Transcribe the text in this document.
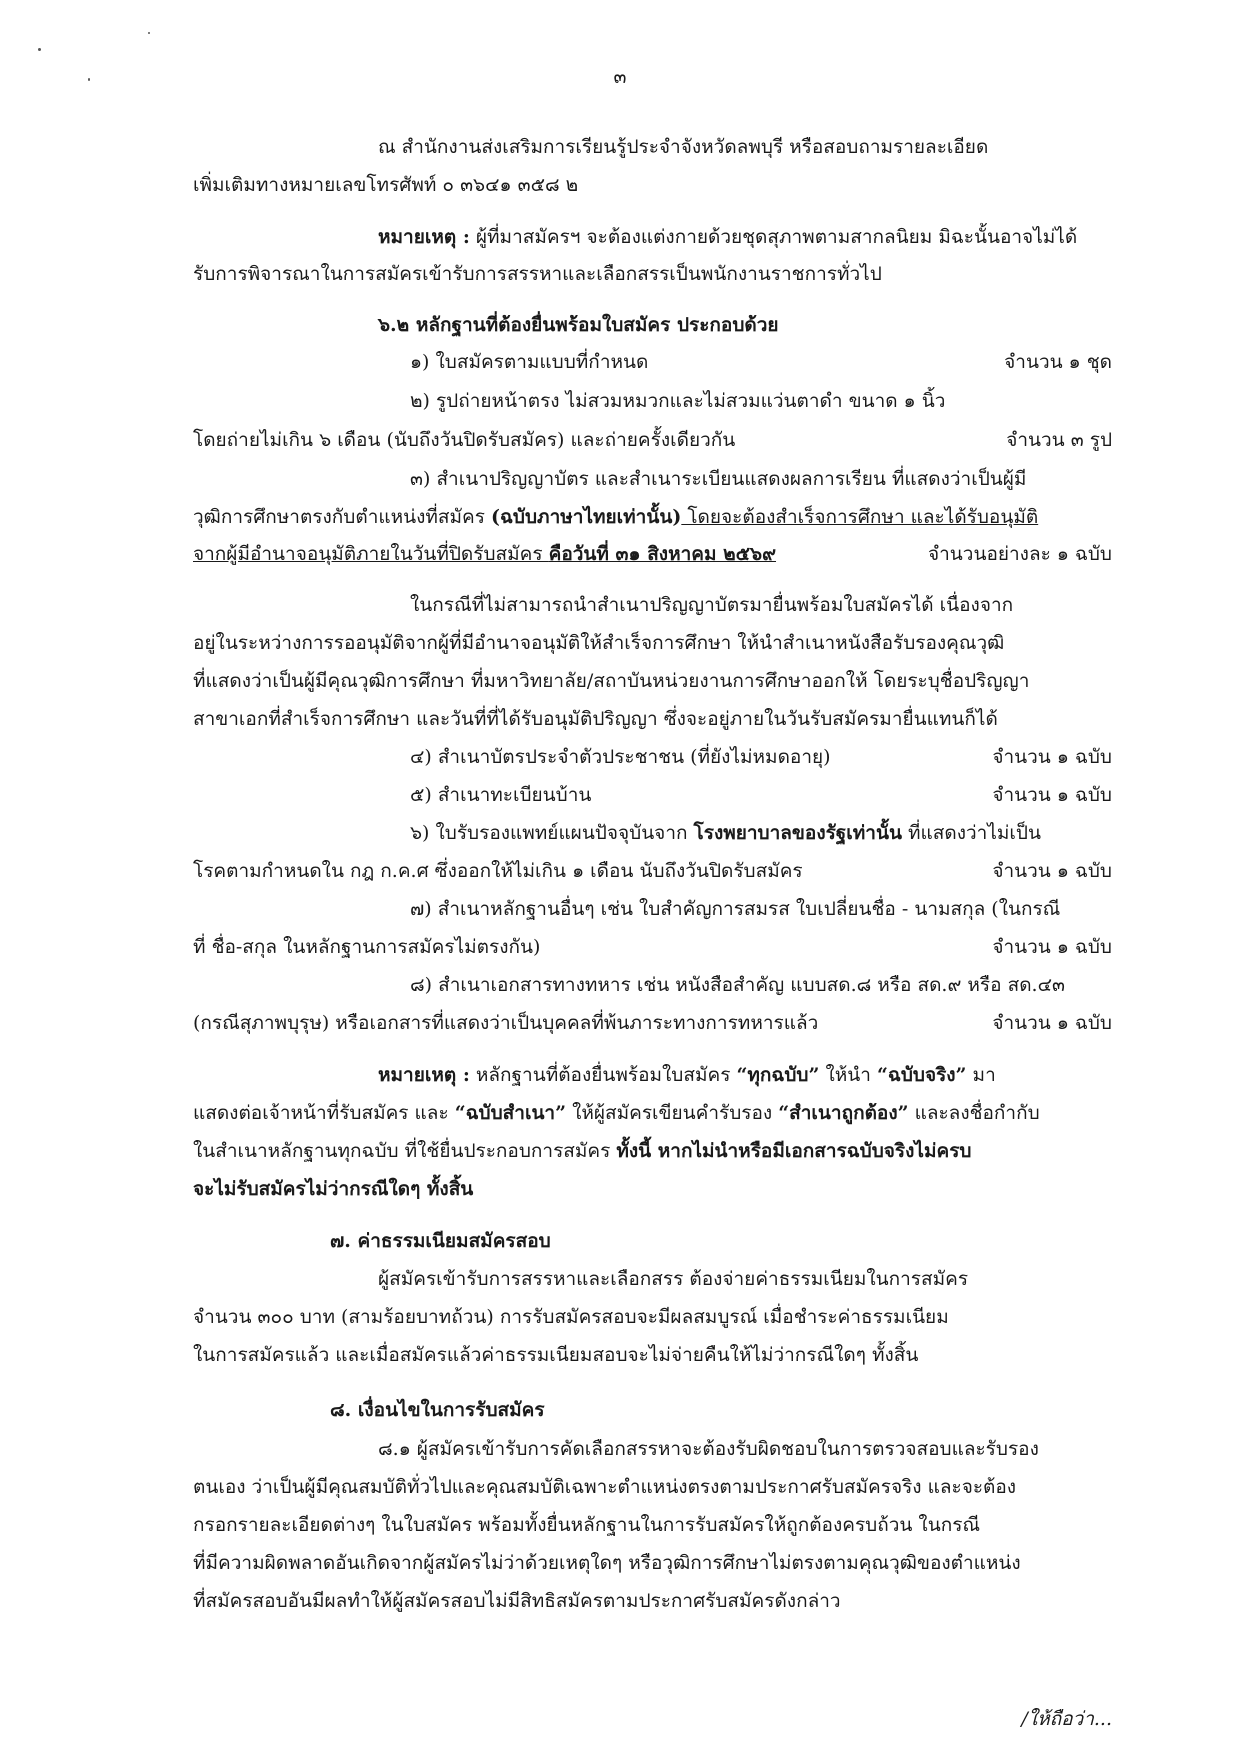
๓
ณ สำนักงานส่งเสริมการเรียนรู้ประจำจังหวัดลพบุรี หรือสอบถามรายละเอียด
เพิ่มเติมทางหมายเลขโทรศัพท์ ๐ ๓๖๔๑ ๓๕๘ ๒
หมายเหตุ : ผู้ที่มาสมัครฯ จะต้องแต่งกายด้วยชุดสุภาพตามสากลนิยม มิฉะนั้นอาจไม่ได้
รับการพิจารณาในการสมัครเข้ารับการสรรหาและเลือกสรรเป็นพนักงานราชการทั่วไป
๖.๒ หลักฐานที่ต้องยื่นพร้อมใบสมัคร ประกอบด้วย
๑) ใบสมัครตามแบบที่กำหนด	จำนวน ๑ ชุด
๒) รูปถ่ายหน้าตรง ไม่สวมหมวกและไม่สวมแว่นตาดำ ขนาด ๑ นิ้ว
โดยถ่ายไม่เกิน ๖ เดือน (นับถึงวันปิดรับสมัคร) และถ่ายครั้งเดียวกัน	จำนวน ๓ รูป
๓) สำเนาปริญญาบัตร และสำเนาระเบียนแสดงผลการเรียน ที่แสดงว่าเป็นผู้มี
วุฒิการศึกษาตรงกับตำแหน่งที่สมัคร (ฉบับภาษาไทยเท่านั้น) โดยจะต้องสำเร็จการศึกษา และได้รับอนุมัติ
จากผู้มีอำนาจอนุมัติภายในวันที่ปิดรับสมัคร คือวันที่ ๓๑ สิงหาคม ๒๕๖๙	จำนวนอย่างละ ๑ ฉบับ
ในกรณีที่ไม่สามารถนำสำเนาปริญญาบัตรมายื่นพร้อมใบสมัครได้ เนื่องจาก
อยู่ในระหว่างการรออนุมัติจากผู้ที่มีอำนาจอนุมัติให้สำเร็จการศึกษา ให้นำสำเนาหนังสือรับรองคุณวุฒิ
ที่แสดงว่าเป็นผู้มีคุณวุฒิการศึกษา ที่มหาวิทยาลัย/สถาบันหน่วยงานการศึกษาออกให้ โดยระบุชื่อปริญญา
สาขาเอกที่สำเร็จการศึกษา และวันที่ที่ได้รับอนุมัติปริญญา ซึ่งจะอยู่ภายในวันรับสมัครมายื่นแทนก็ได้
๔) สำเนาบัตรประจำตัวประชาชน (ที่ยังไม่หมดอายุ)	จำนวน ๑ ฉบับ
๕) สำเนาทะเบียนบ้าน	จำนวน ๑ ฉบับ
๖) ใบรับรองแพทย์แผนปัจจุบันจาก โรงพยาบาลของรัฐเท่านั้น ที่แสดงว่าไม่เป็น
โรคตามกำหนดใน กฎ ก.ค.ศ ซึ่งออกให้ไม่เกิน ๑ เดือน นับถึงวันปิดรับสมัคร	จำนวน ๑ ฉบับ
๗) สำเนาหลักฐานอื่นๆ เช่น ใบสำคัญการสมรส ใบเปลี่ยนชื่อ - นามสกุล (ในกรณี
ที่ ชื่อ-สกุล ในหลักฐานการสมัครไม่ตรงกัน)	จำนวน ๑ ฉบับ
๘) สำเนาเอกสารทางทหาร เช่น หนังสือสำคัญ แบบสด.๘ หรือ สด.๙ หรือ สด.๔๓
(กรณีสุภาพบุรุษ) หรือเอกสารที่แสดงว่าเป็นบุคคลที่พ้นภาระทางการทหารแล้ว	จำนวน ๑ ฉบับ
หมายเหตุ : หลักฐานที่ต้องยื่นพร้อมใบสมัคร “ทุกฉบับ” ให้นำ “ฉบับจริง” มา
แสดงต่อเจ้าหน้าที่รับสมัคร และ “ฉบับสำเนา” ให้ผู้สมัครเขียนคำรับรอง “สำเนาถูกต้อง” และลงชื่อกำกับ
ในสำเนาหลักฐานทุกฉบับ ที่ใช้ยื่นประกอบการสมัคร ทั้งนี้ หากไม่นำหรือมีเอกสารฉบับจริงไม่ครบ
จะไม่รับสมัครไม่ว่ากรณีใดๆ ทั้งสิ้น
๗. ค่าธรรมเนียมสมัครสอบ
ผู้สมัครเข้ารับการสรรหาและเลือกสรร ต้องจ่ายค่าธรรมเนียมในการสมัคร
จำนวน ๓๐๐ บาท (สามร้อยบาทถ้วน) การรับสมัครสอบจะมีผลสมบูรณ์ เมื่อชำระค่าธรรมเนียม
ในการสมัครแล้ว และเมื่อสมัครแล้วค่าธรรมเนียมสอบจะไม่จ่ายคืนให้ไม่ว่ากรณีใดๆ ทั้งสิ้น
๘. เงื่อนไขในการรับสมัคร
๘.๑ ผู้สมัครเข้ารับการคัดเลือกสรรหาจะต้องรับผิดชอบในการตรวจสอบและรับรอง
ตนเอง ว่าเป็นผู้มีคุณสมบัติทั่วไปและคุณสมบัติเฉพาะตำแหน่งตรงตามประกาศรับสมัครจริง และจะต้อง
กรอกรายละเอียดต่างๆ ในใบสมัคร พร้อมทั้งยื่นหลักฐานในการรับสมัครให้ถูกต้องครบถ้วน ในกรณี
ที่มีความผิดพลาดอันเกิดจากผู้สมัครไม่ว่าด้วยเหตุใดๆ หรือวุฒิการศึกษาไม่ตรงตามคุณวุฒิของตำแหน่ง
ที่สมัครสอบอันมีผลทำให้ผู้สมัครสอบไม่มีสิทธิสมัครตามประกาศรับสมัครดังกล่าว
/ให้ถือว่า...
